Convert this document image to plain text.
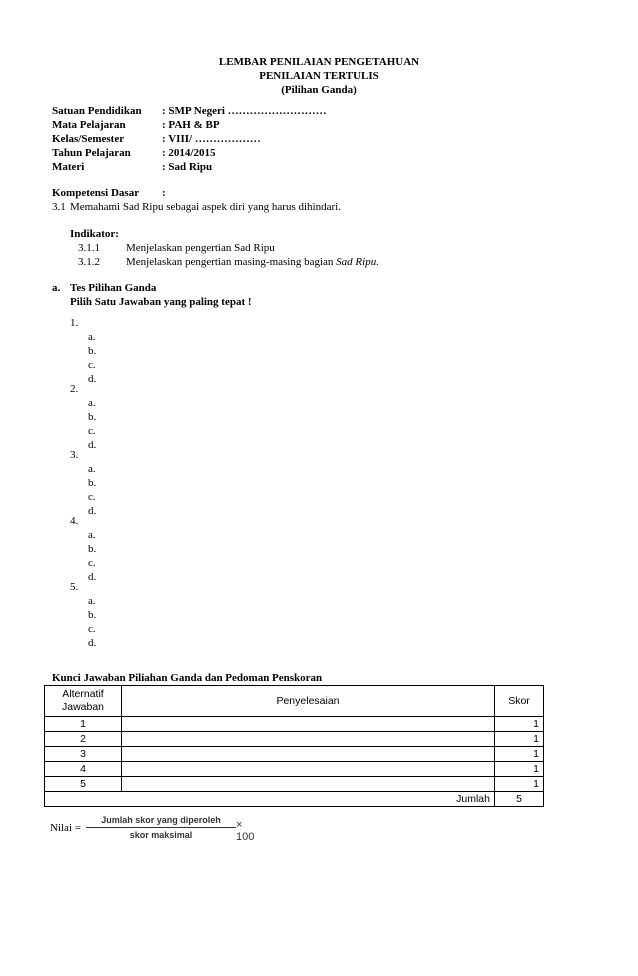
LEMBAR PENILAIAN PENGETAHUAN
PENILAIAN TERTULIS
(Pilihan Ganda)
Satuan Pendidikan : SMP Negeri ………………………
Mata Pelajaran	: PAH & BP
Kelas/Semester	: VIII/ ………………
Tahun Pelajaran	: 2014/2015
Materi	: Sad Ripu
Kompetensi Dasar :
3.1 Memahami Sad Ripu sebagai aspek diri yang harus dihindari.
Indikator:
3.1.1 Menjelaskan pengertian Sad Ripu
3.1.2 Menjelaskan pengertian masing-masing bagian Sad Ripu.
a. Tes Pilihan Ganda
Pilih Satu Jawaban yang paling tepat !
1.
a.
b.
c.
d.
2.
a.
b.
c.
d.
3.
a.
b.
c.
d.
4.
a.
b.
c.
d.
5.
a.
b.
c.
d.
Kunci Jawaban Piliahan Ganda dan Pedoman Penskoran
Alternatif
Jawaban	Penyelesaian	Skor
1		1
2		1
3		1
4		1
5		1
	Jumlah	5
Nilai =
Jumlah skor yang diperoleh
skor maksimal
× 100
